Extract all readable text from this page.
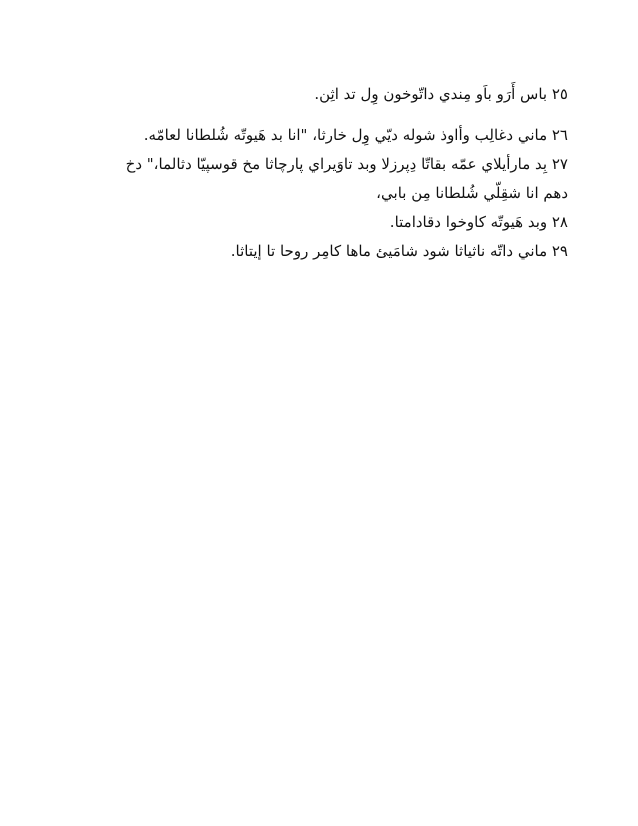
٢٥ باس أَرَو باَو مِندي داتّوخون وِل تد اثِن.
٢٦ ماني دغالِب وأاوذ شوله ديّي وِل خارثا، "انا بد هَيوتّه شُلطانا لعامّه.
٢٧ بِد مارأيلاي عمّه بقاتّا دِپرزلا وبد تاوَيراي پارچاثا مخ قوسپيّا دثالما،" دخ
دهم انا شقِلّي شُلطانا مِن بابي،
٢٨ وبد هَيوتّه كاوخوا دقادامتا.
٢٩ ماني داتّه ناثياثا شود شامَيئ ماها كامِر روحا تا إيتاثا.
